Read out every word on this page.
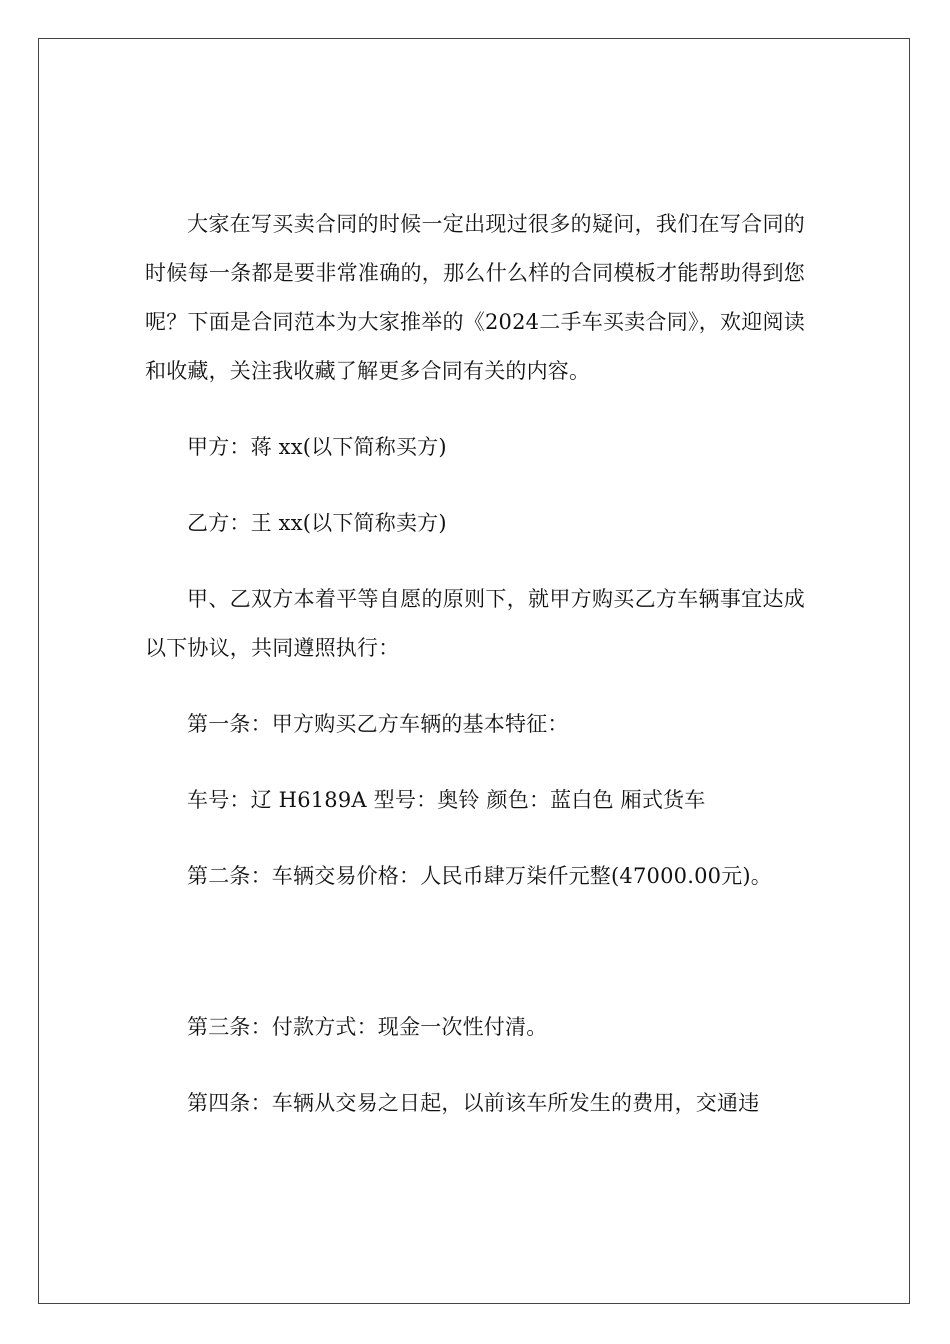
大家在写买卖合同的时候一定出现过很多的疑问，我们在写合同的时候每一条都是要非常准确的，那么什么样的合同模板才能帮助得到您呢？下面是合同范本为大家推举的《2024二手车买卖合同》，欢迎阅读和收藏，关注我收藏了解更多合同有关的内容。

甲方：蒋 xx(以下简称买方)

乙方：王 xx(以下简称卖方)

甲、乙双方本着平等自愿的原则下，就甲方购买乙方车辆事宜达成以下协议，共同遵照执行：

第一条：甲方购买乙方车辆的基本特征：

车号：辽 H6189A 型号：奥铃 颜色：蓝白色 厢式货车

第二条：车辆交易价格：人民币肆万柒仟元整(47000.00元)。

第三条：付款方式：现金一次性付清。

第四条：车辆从交易之日起，以前该车所发生的费用，交通违
